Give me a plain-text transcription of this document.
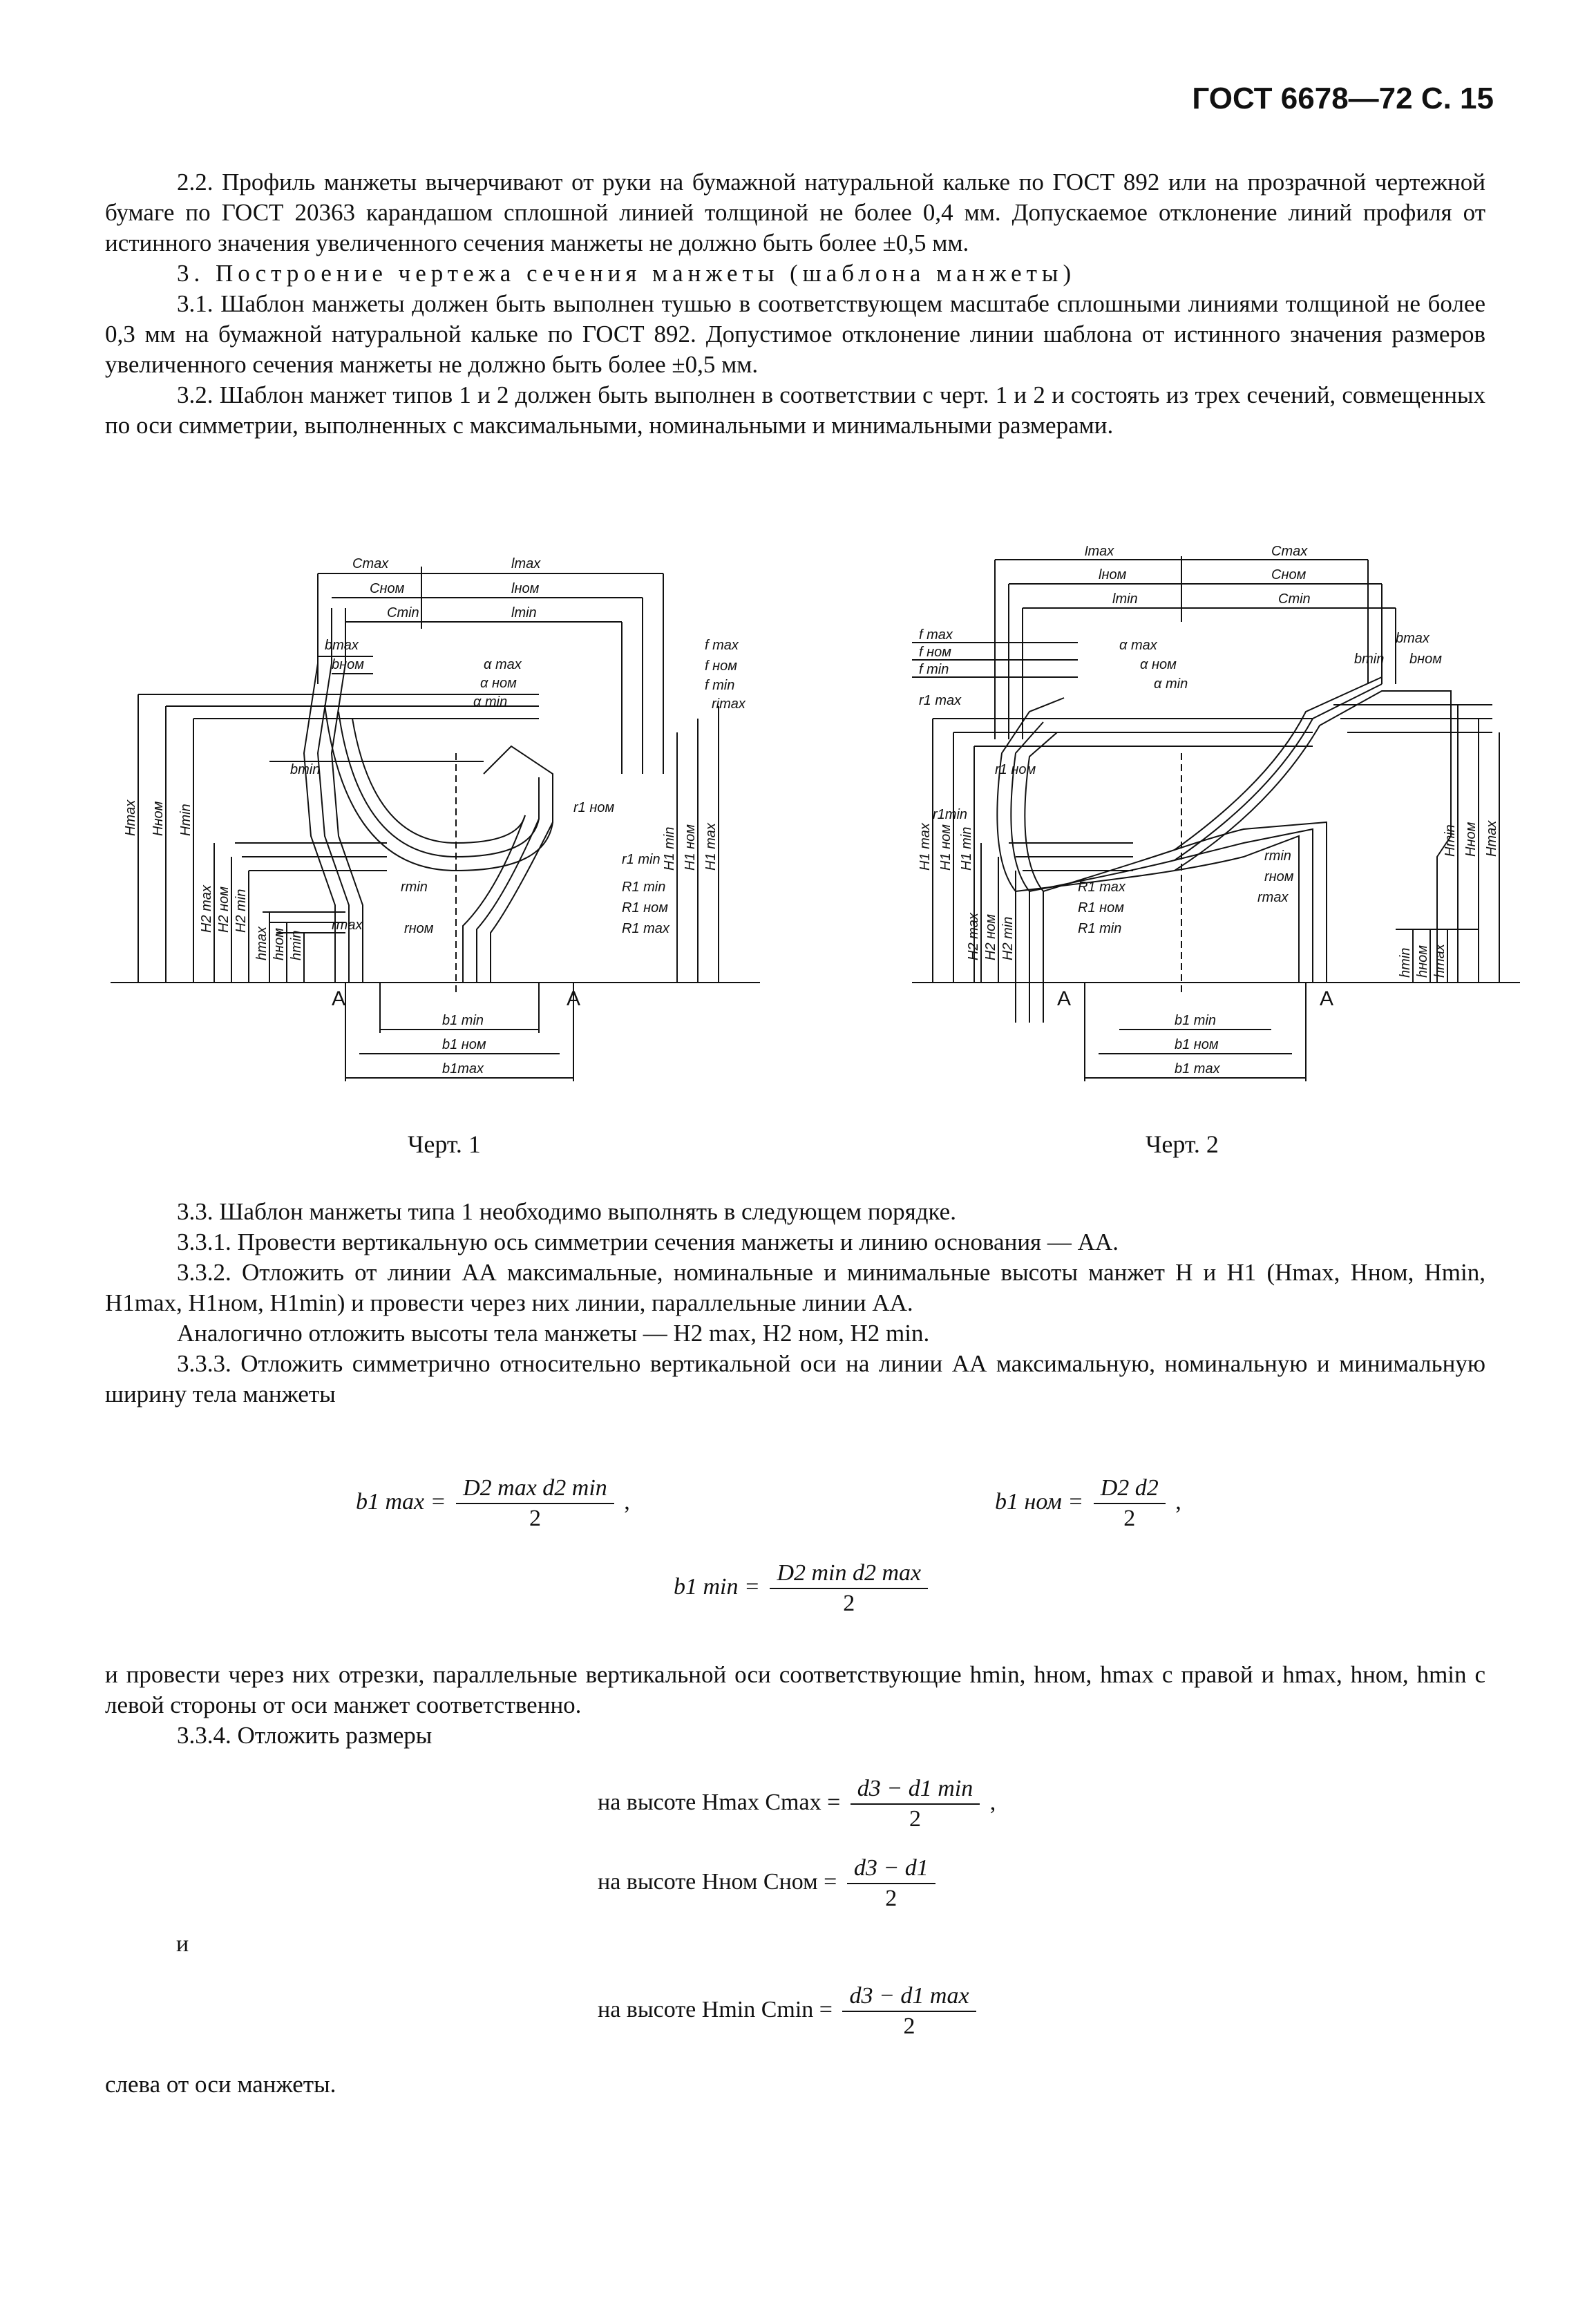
ГОСТ 6678—72 С. 15

2.2. Профиль манжеты вычерчивают от руки на бумажной натуральной кальке по ГОСТ 892 или на прозрачной чертежной бумаге по ГОСТ 20363 карандашом сплошной линией толщиной не более 0,4 мм. Допускаемое отклонение линий профиля от истинного значения увеличенного сечения манжеты не должно быть более ±0,5 мм.

3. Построение чертежа сечения манжеты (шаблона манжеты)

3.1. Шаблон манжеты должен быть выполнен тушью в соответствующем масштабе сплошными линиями толщиной не более 0,3 мм на бумажной натуральной кальке по ГОСТ 892. Допустимое отклонение линии шаблона от истинного значения размеров увеличенного сечения манжеты не должно быть более ±0,5 мм.

3.2. Шаблон манжет типов 1 и 2 должен быть выполнен в соответствии с черт. 1 и 2 и состоять из трех сечений, совмещенных по оси симметрии, выполненных с максимальными, номинальными и минимальными размерами.

Cmax	lmax
Cном	lном
Cmin	lmin
bmax
bном
f max
f ном
f min
α max
α ном
α min	rimax
bmin
r1 ном
r1 min
rmin
rmax	rном
R1 min
R1 ном
R1 max
Hmax Hном Hmin
H2 max H2 ном H2 min
hmax hном hmin
H1 min H1 ном H1 max
b1 min
b1 ном
b1max
A	A
lmax	Cmax
lном	Cном
lmin	Cmin
bmax
bmin bном
f max
f ном
f min
α max
α ном
α min
r1 max
r1 ном
r1min
rmin
rном
rmax
R1 max
R1 ном
R1 min
H1 max H1 ном H1 min
H2 max H2 ном H2 min
Hmin Hном Hmax
hmin hном hmax
b1 min
b1 ном
b1 max
A	A
Черт. 1	Черт. 2

3.3. Шаблон манжеты типа 1 необходимо выполнять в следующем порядке.

3.3.1. Провести вертикальную ось симметрии сечения манжеты и линию основания — АА.

3.3.2. Отложить от линии АА максимальные, номинальные и минимальные высоты манжет H и H1 (Hmax, Hном, Hmin, H1max, H1ном, H1min) и провести через них линии, параллельные линии АА.

Аналогично отложить высоты тела манжеты — H2 max, H2 ном, H2 min.

3.3.3. Отложить симметрично относительно вертикальной оси на линии АА максимальную, номинальную и минимальную ширину тела манжеты

b1 $\max = \frac{\text{D2 max d2 min}}{2}$ ,	b1 ном = $\frac{D2 d2}{2}$ ,
b1 $\min = \frac{\text{D2 min d2 max}}{2}$

и провести через них отрезки, параллельные вертикальной оси соответствующие hmin, hном, hmax с правой и hmax, hном, hmin с левой стороны от оси манжет соответственно.

3.3.4. Отложить размеры

на высоте Hmax $Cmax = \frac{d3 - d1 \min}{2}$ ,
на высоте Hном Cном = $\frac{d3 - d1}{2}$
и
на высоте Hmin $Cmin = \frac{d3 - d1 \max}{2}$

слева от оси манжеты.
